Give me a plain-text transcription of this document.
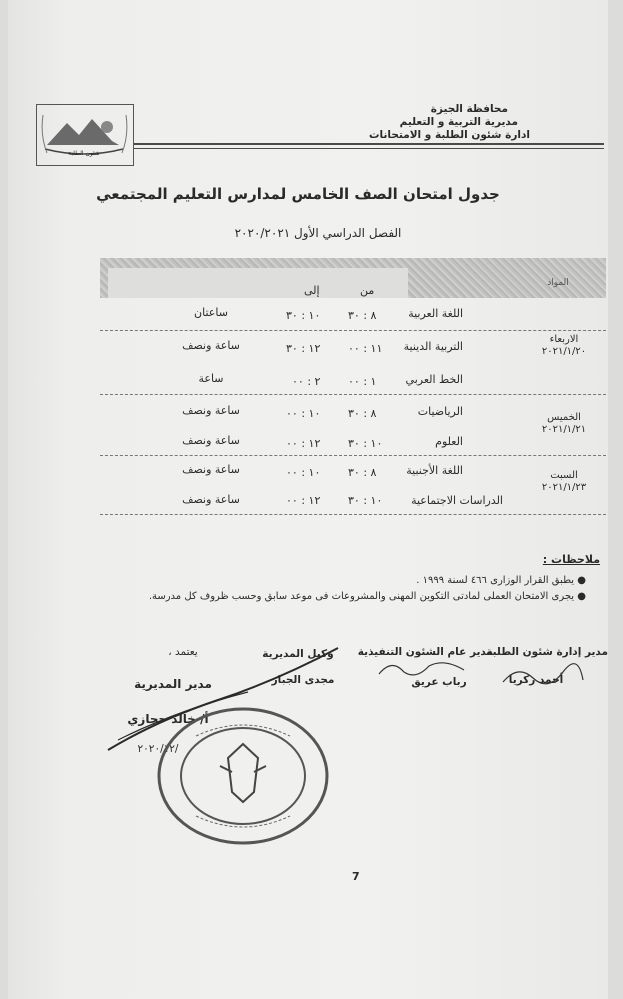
شئون الطلبة
محافظة الجيزة
مديرية التربية و التعليم
ادارة شئون الطلبة و الامتحانات
جدول امتحان الصف الخامس لمدارس التعليم المجتمعي
الفصل الدراسي الأول ٢٠٢٠/٢٠٢١
المواد
من
إلى
اللغة العربية
٨ : ٣٠
١٠ : ٣٠
ساعتان
التربية الدينية
١١ : ٠٠
١٢ : ٣٠
ساعة ونصف
الخط العربي
١ : ٠٠
٢ : ٠٠
ساعة
الرياضيات
٨ : ٣٠
١٠ : ٠٠
ساعة ونصف
العلوم
١٠ : ٣٠
١٢ : ٠٠
ساعة ونصف
اللغة الأجنبية
٨ : ٣٠
١٠ : ٠٠
ساعة ونصف
الدراسات الاجتماعية
١٠ : ٣٠
١٢ : ٠٠
ساعة ونصف
الاربعاء
٢٠٢١/١/٢٠
الخميس
٢٠٢١/١/٢١
السبت
٢٠٢١/١/٢٣
ملاحظات :
● يطبق القرار الوزارى ٤٦٦ لسنة ١٩٩٩ .
● يجرى الامتحان العملى لمادتى التكوين المهنى والمشروعات فى موعد سابق وحسب ظروف كل مدرسة.
مدير إدارة شئون الطلبة
أحمد زكريا
مدير عام الشئون التنفيذية
رباب عريق
وكيل المديرية
مجدى الجبار
يعتمد ،
مدير المديرية
أ/ خالد حجازي
٢٠٢٠/١٢/
7
